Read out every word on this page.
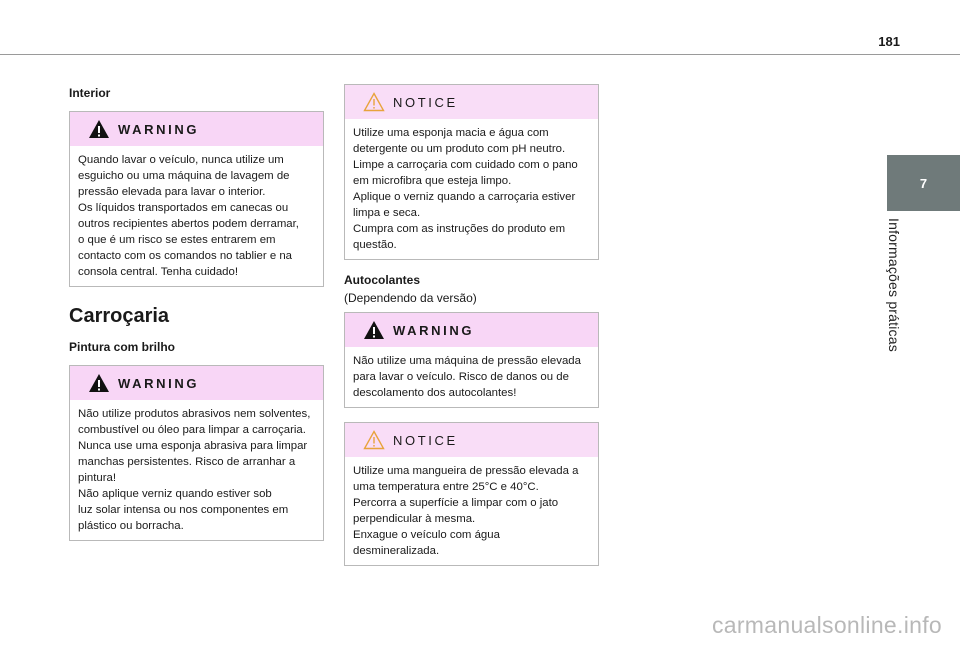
181
7
Informações práticas
Interior
WARNING

Quando lavar o veículo, nunca utilize um

esguicho ou uma máquina de lavagem de

pressão elevada para lavar o interior.

Os líquidos transportados em canecas ou

outros recipientes abertos podem derramar,

o que é um risco se estes entrarem em

contacto com os comandos no tablier e na

consola central. Tenha cuidado!

Carroçaria
Pintura com brilho
WARNING

Não utilize produtos abrasivos nem solventes,

combustível ou óleo para limpar a carroçaria.

Nunca use uma esponja abrasiva para limpar

manchas persistentes. Risco de arranhar a

pintura!

Não aplique verniz quando estiver sob

luz solar intensa ou nos componentes em

plástico ou borracha.

NOTICE

Utilize uma esponja macia e água com

detergente ou um produto com pH neutro.

Limpe a carroçaria com cuidado com o pano

em microfibra que esteja limpo.

Aplique o verniz quando a carroçaria estiver

limpa e seca.

Cumpra com as instruções do produto em

questão.

Autocolantes
(Dependendo da versão)
WARNING

Não utilize uma máquina de pressão elevada

para lavar o veículo. Risco de danos ou de

descolamento dos autocolantes!

NOTICE

Utilize uma mangueira de pressão elevada a

uma temperatura entre 25°C e 40°C.

Percorra a superfície a limpar com o jato

perpendicular à mesma.

Enxague o veículo com água

desmineralizada.

carmanualsonline.info
